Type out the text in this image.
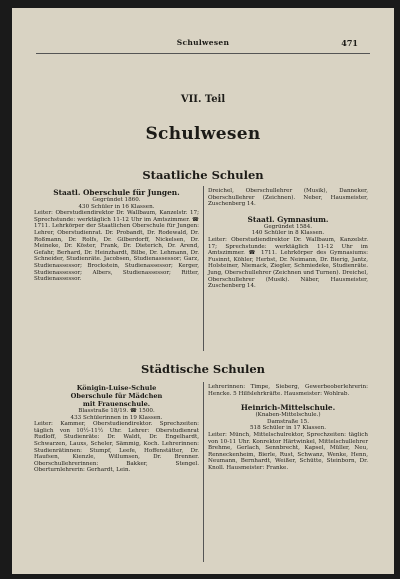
Schulwesen	471
VII. Teil
Schulwesen
Staatliche Schulen

Staatl. Oberschule für Jungen.

Gegründet 1860.

430 Schüler in 16 Klassen.

Leiter: Oberstudiendirektor Dr. Wallbaum, Kanzelstr. 17; Sprechstunde: werktäglich 11-12 Uhr im Amtszimmer. ☎ 1711. Lehrkörper der Staatlichen Oberschule für Jungen: Lehrer, Oberstudienrat. Dr. Probandt, Dr. Rodewald, Dr. Roßmann, Dr. Rolfs, Dr. Gilberdorff, Nickelsen, Dr. Meineke, Dr. Köster, Frank, Dr. Dieterich, Dr. Arend, Gefahr, Berhard, Dr. Heinzhardt, Bilbe, Dr. Lehmann, Dr. Schneider, Studienräte. Jacobsen, Studienassessor; Garz, Studienassessor; Brockstein, Studienassessor; Kerger, Studienassessor; Albers, Studienassessor; Ritter, Studienassessor.

Dreichel, Oberschullehrer (Musik), Danneker, Oberschullehrer (Zeichnen). Neber, Hausmeister, Zuschenberg 14.

Staatl. Gymnasium.

Gegründet 1584.

140 Schüler in 8 Klassen.

Leiter: Oberstudiendirektor Dr. Wallbaum, Kanzelstr. 17; Sprechstunde: werktäglich 11-12 Uhr im Amtszimmer. ☎ 1711. Lehrkörper des Gymnasiums: Fusinnt, Köhler, Herbst, Dr. Neimann, Dr. Bierig, Jantz, Holsteiner, Niemack, Ziegler, Schmiedeke, Studienräte. Jung, Oberschullehrer (Zeichnen und Turnen). Dreichel, Oberschullehrer (Musik). Näber, Hausmeister, Zuschenberg 14.

Städtische Schulen

Königin-Luise-Schule

Oberschule für Mädchen

mit Frauenschule.

Blasstraße 18/19. ☎ 1500.

433 Schülerinnen in 19 Klassen.

Leiter: Kammer, Oberstudiendirektor. Sprechzeiten: täglich von 10½-11½ Uhr. Lehrer: Oberstudienrat Rudloff, Studienräte: Dr. Waldt, Dr. Engelhardt, Schwarzen, Lauxs, Scheler, Sämmig, Koch. Lehrerinnen: Studienrätinnen: Stumpf, Leefe, Hoffenstätter, Dr. Haufsen, Kienzle, Willumsen, Dr. Brenner. Oberschullehrerinnen: Bakker, Stengel. Oberturnlehrerin: Gerhardt, Lein.

Lehrerinnen: Timpe, Sieberg, Gewerbeoberlehrerin: Hencke. 5 Hilfslehrkräfte. Hausmeister: Wohlrab.

Heinrich-Mittelschule.

(Knaben-Mittelschule.)

Damstraße 15.

518 Schüler in 17 Klassen.

Leiter: Münch, Mittelschulrektor, Sprechzeiten: täglich von 10-11 Uhr. Konrektor Härtwinkel, Mittelschullehrer Brehme, Gerlach, Sennbrecht, Kapsel, Müller, Neu, Renneckenheim, Bierle, Rust, Schwanz, Wenke, Henn, Neumann, Bernhardt, Weißer, Schütte, Steinborn, Dr. Knoll. Hausmeister: Franke.
